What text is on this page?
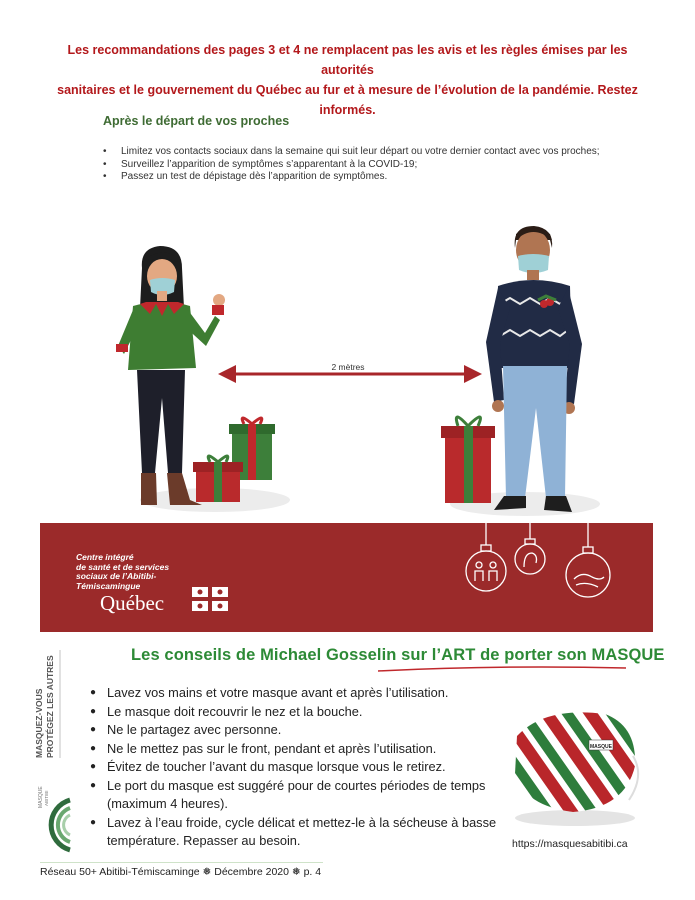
Les recommandations des pages 3 et 4 ne remplacent pas les avis et les règles émises par les autorités
sanitaires et le gouvernement du Québec au fur et à mesure de l’évolution de la pandémie. Restez informés.
Après le départ de vos proches
• Limitez vos contacts sociaux dans la semaine qui suit leur départ ou votre dernier contact avec vos proches;
• Surveillez l’apparition de symptômes s’apparentant à la COVID-19;
• Passez un test de dépistage dès l’apparition de symptômes.
2 mètres
Centre intégré
de santé et de services
sociaux de l’Abitibi-
Témiscamingue
Québec
MASQUEZ-VOUS PROTÉGEZ LES AUTRES
MASQUE ABITIBI
Les conseils de Michael Gosselin sur l’ART de porter son MASQUE
● Lavez vos mains et votre masque avant et après l’utilisation.
● Le masque doit recouvrir le nez et la bouche.
● Ne le partagez avec personne.
● Ne le mettez pas sur le front, pendant et après l’utilisation.
● Évitez de toucher l’avant du masque lorsque vous le retirez.
● Le port du masque est suggéré pour de courtes périodes de temps (maximum 4 heures).
● Lavez à l’eau froide, cycle délicat et mettez-le à la sécheuse à basse température. Repasser au besoin.
MASQUE
https://masquesabitibi.ca
Réseau 50+ Abitibi-Témiscaminge ❅ Décembre 2020 ❅ p. 4
